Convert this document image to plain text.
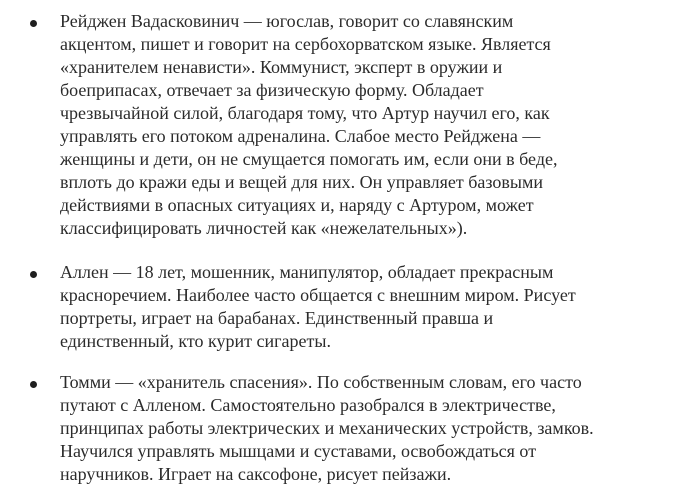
Рейджен Вадасковинич — югослав, говорит со славянским
акцентом, пишет и говорит на сербохорватском языке. Является
«хранителем ненависти». Коммунист, эксперт в оружии и
боеприпасах, отвечает за физическую форму. Обладает
чрезвычайной силой, благодаря тому, что Артур научил его, как
управлять его потоком адреналина. Слабое место Рейджена —
женщины и дети, он не смущается помогать им, если они в беде,
вплоть до кражи еды и вещей для них. Он управляет базовыми
действиями в опасных ситуациях и, наряду с Артуром, может
классифицировать личностей как «нежелательных»).
Аллен — 18 лет, мошенник, манипулятор, обладает прекрасным
красноречием. Наиболее часто общается с внешним миром. Рисует
портреты, играет на барабанах. Единственный правша и
единственный, кто курит сигареты.
Томми — «хранитель спасения». По собственным словам, его часто
путают с Алленом. Самостоятельно разобрался в электричестве,
принципах работы электрических и механических устройств, замков.
Научился управлять мышцами и суставами, освобождаться от
наручников. Играет на саксофоне, рисует пейзажи.
